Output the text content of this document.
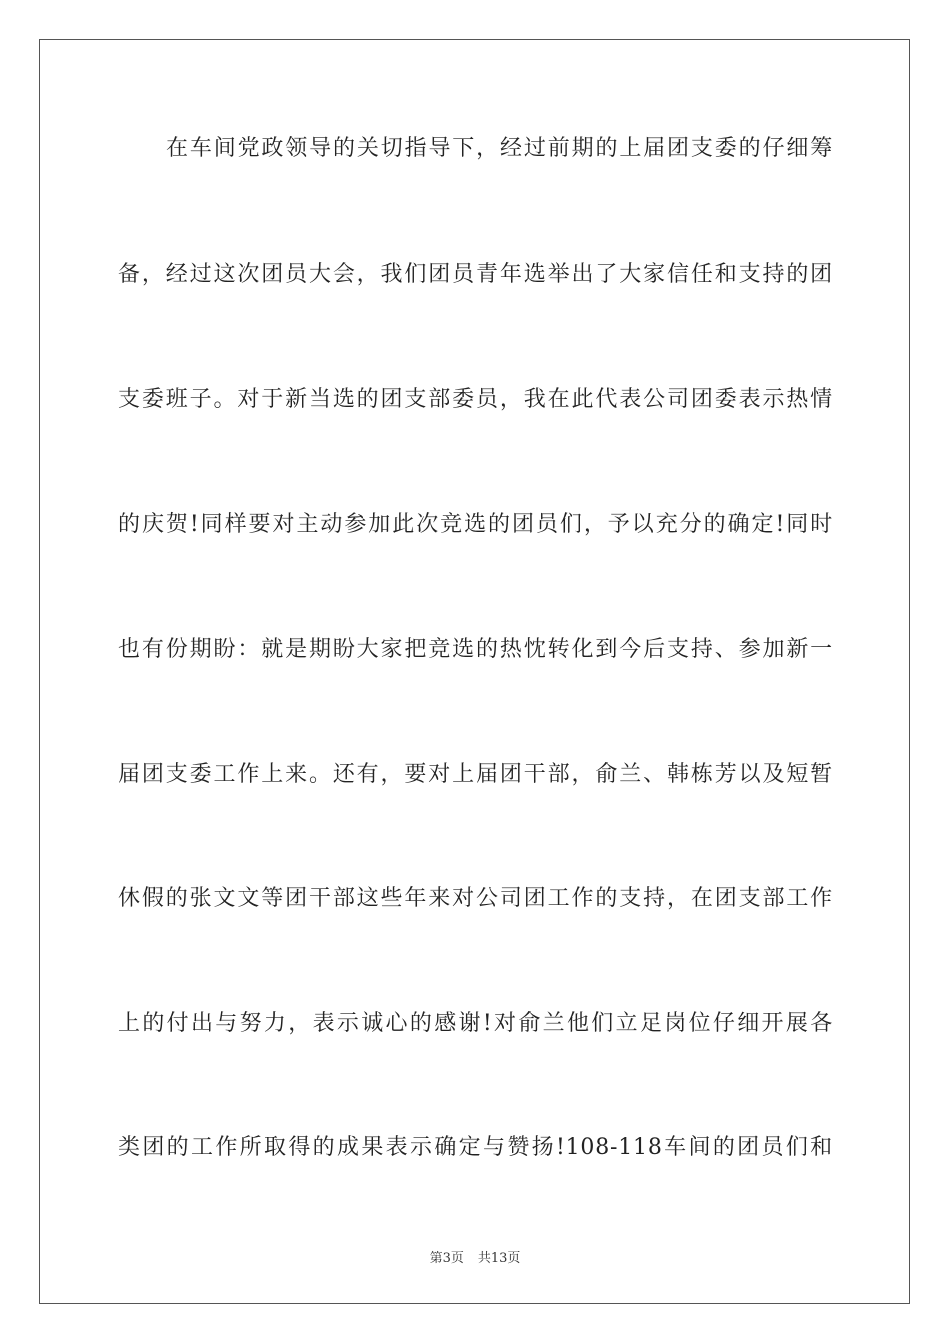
在车间党政领导的关切指导下，经过前期的上届团支委的仔细筹
备，经过这次团员大会，我们团员青年选举出了大家信任和支持的团
支委班子。对于新当选的团支部委员，我在此代表公司团委表示热情
的庆贺!同样要对主动参加此次竞选的团员们，予以充分的确定!同时
也有份期盼：就是期盼大家把竞选的热忱转化到今后支持、参加新一
届团支委工作上来。还有，要对上届团干部，俞兰、韩栋芳以及短暂
休假的张文文等团干部这些年来对公司团工作的支持，在团支部工作
上的付出与努力，表示诚心的感谢!对俞兰他们立足岗位仔细开展各
类团的工作所取得的成果表示确定与赞扬!108-118车间的团员们和
第3页 共13页
